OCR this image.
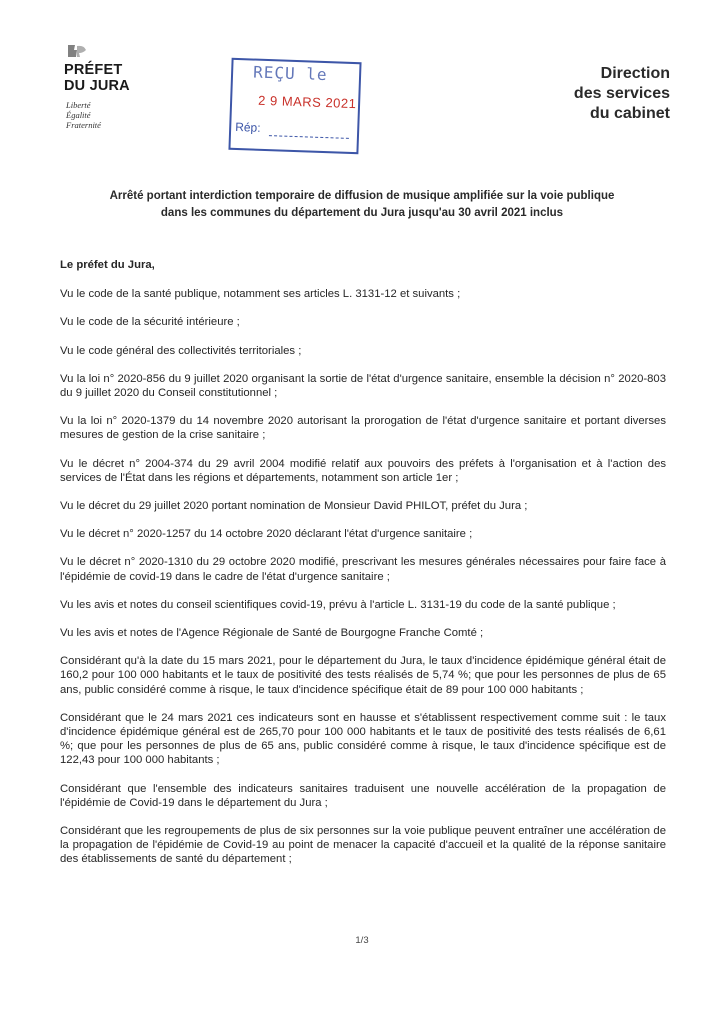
PRÉFET
DU JURA
Liberté
Égalité
Fraternité
Direction
des services
du cabinet
REÇU le
2 9 MARS 2021
Rép:
Arrêté portant interdiction temporaire de diffusion de musique amplifiée sur la voie publique
dans les communes du département du Jura jusqu'au 30 avril 2021 inclus

Le préfet du Jura,

Vu le code de la santé publique, notamment ses articles L. 3131-12 et suivants ;

Vu le code de la sécurité intérieure ;

Vu le code général des collectivités territoriales ;

Vu la loi n° 2020-856 du 9 juillet 2020 organisant la sortie de l'état d'urgence sanitaire, ensemble la décision n° 2020-803 du 9 juillet 2020 du Conseil constitutionnel ;

Vu la loi n° 2020-1379 du 14 novembre 2020 autorisant la prorogation de l'état d'urgence sanitaire et portant diverses mesures de gestion de la crise sanitaire ;

Vu le décret n° 2004-374 du 29 avril 2004 modifié relatif aux pouvoirs des préfets à l'organisation et à l'action des services de l'État dans les régions et départements, notamment son article 1er ;

Vu le décret du 29 juillet 2020 portant nomination de Monsieur David PHILOT, préfet du Jura ;

Vu le décret n° 2020-1257 du 14 octobre 2020 déclarant l'état d'urgence sanitaire ;

Vu le décret n° 2020-1310 du 29 octobre 2020 modifié, prescrivant les mesures générales nécessaires pour faire face à l'épidémie de covid-19 dans le cadre de l'état d'urgence sanitaire ;

Vu les avis et notes du conseil scientifiques covid-19, prévu à l'article L. 3131-19 du code de la santé publique ;

Vu les avis et notes de l'Agence Régionale de Santé de Bourgogne Franche Comté ;

Considérant qu'à la date du 15 mars 2021, pour le département du Jura, le taux d'incidence épidémique général était de 160,2 pour 100 000 habitants et le taux de positivité des tests réalisés de 5,74 %; que pour les personnes de plus de 65 ans, public considéré comme à risque, le taux d'incidence spécifique était de 89 pour 100 000 habitants ;

Considérant que le 24 mars 2021 ces indicateurs sont en hausse et s'établissent respectivement comme suit : le taux d'incidence épidémique général est de 265,70 pour 100 000 habitants et le taux de positivité des tests réalisés de 6,61 %; que pour les personnes de plus de 65 ans, public considéré comme à risque, le taux d'incidence spécifique est de 122,43 pour 100 000 habitants ;

Considérant que l'ensemble des indicateurs sanitaires traduisent une nouvelle accélération de la propagation de l'épidémie de Covid-19 dans le département du Jura ;

Considérant que les regroupements de plus de six personnes sur la voie publique peuvent entraîner une accélération de la propagation de l'épidémie de Covid-19 au point de menacer la capacité d'accueil et la qualité de la réponse sanitaire des établissements de santé du département ;

1/3
